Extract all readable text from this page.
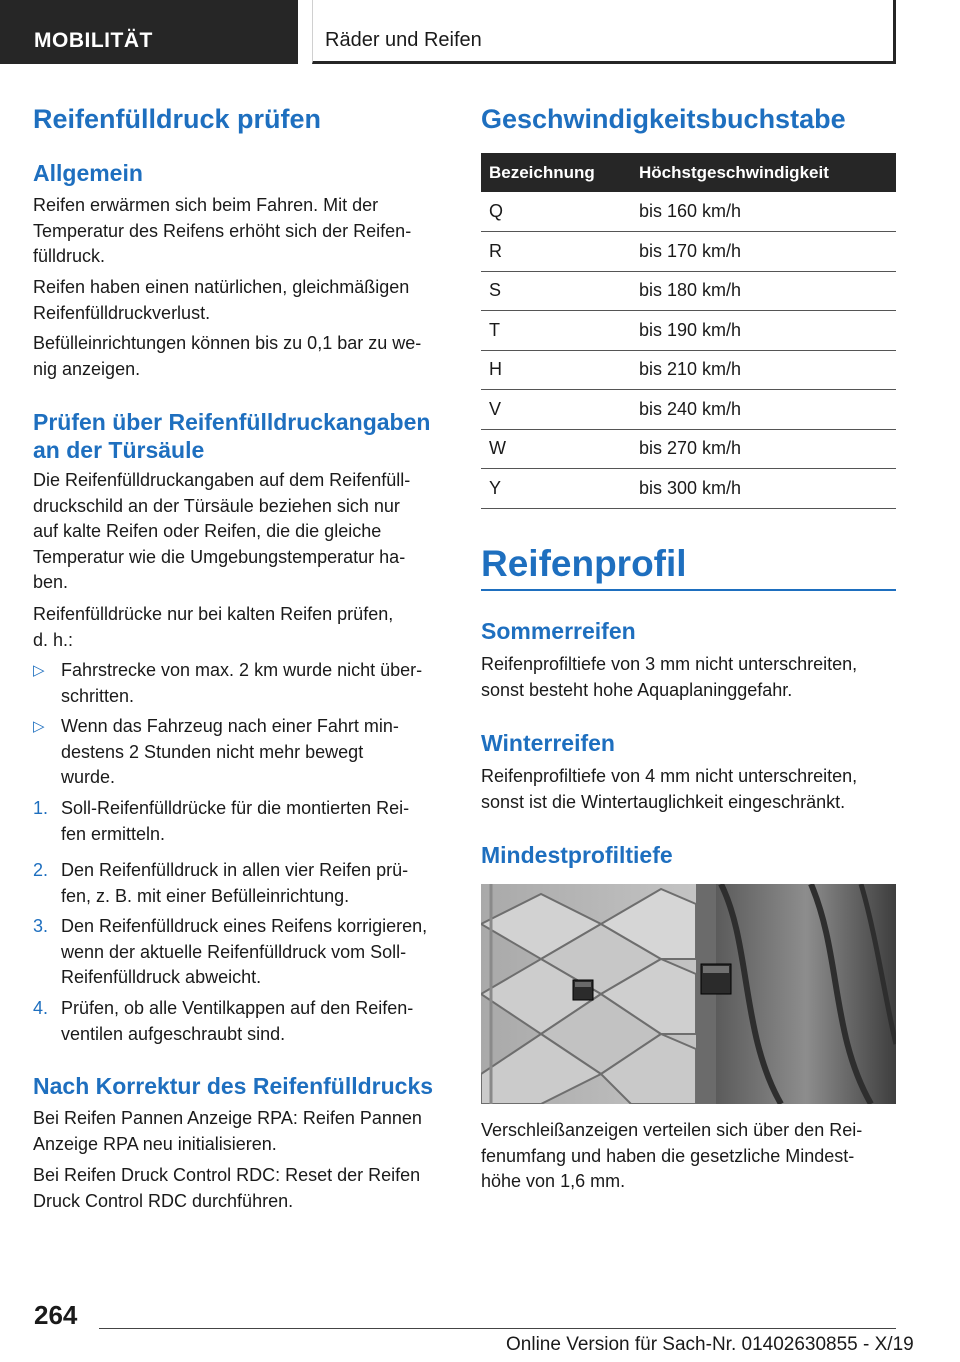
MOBILITÄT	Räder und Reifen
Reifenfülldruck prüfen
Allgemein
Reifen erwärmen sich beim Fahren. Mit der
Temperatur des Reifens erhöht sich der Reifen‐
fülldruck.
Reifen haben einen natürlichen, gleichmäßigen
Reifenfülldruckverlust.
Befülleinrichtungen können bis zu 0,1 bar zu we‐
nig anzeigen.
Prüfen über Reifenfülldruckangaben
an der Türsäule
Die Reifenfülldruckangaben auf dem Reifenfüll‐
druckschild an der Türsäule beziehen sich nur
auf kalte Reifen oder Reifen, die die gleiche
Temperatur wie die Umgebungstemperatur ha‐
ben.
Reifenfülldrücke nur bei kalten Reifen prüfen,
d. h.:
▷ Fahrstrecke von max. 2 km wurde nicht über‐
schritten.
▷ Wenn das Fahrzeug nach einer Fahrt min‐
destens 2 Stunden nicht mehr bewegt
wurde.
1. Soll-Reifenfülldrücke für die montierten Rei‐
fen ermitteln.
2. Den Reifenfülldruck in allen vier Reifen prü‐
fen, z. B. mit einer Befülleinrichtung.
3. Den Reifenfülldruck eines Reifens korrigieren,
wenn der aktuelle Reifenfülldruck vom Soll‐
Reifenfülldruck abweicht.
4. Prüfen, ob alle Ventilkappen auf den Reifen‐
ventilen aufgeschraubt sind.
Nach Korrektur des Reifenfülldrucks
Bei Reifen Pannen Anzeige RPA: Reifen Pannen
Anzeige RPA neu initialisieren.
Bei Reifen Druck Control RDC: Reset der Reifen
Druck Control RDC durchführen.
Geschwindigkeitsbuchstabe
Bezeichnung	Höchstgeschwindigkeit
Q	bis 160 km/h
R	bis 170 km/h
S	bis 180 km/h
T	bis 190 km/h
H	bis 210 km/h
V	bis 240 km/h
W	bis 270 km/h
Y	bis 300 km/h
Reifenprofil
Sommerreifen
Reifenprofiltiefe von 3 mm nicht unterschreiten,
sonst besteht hohe Aquaplaninggefahr.
Winterreifen
Reifenprofiltiefe von 4 mm nicht unterschreiten,
sonst ist die Wintertauglichkeit eingeschränkt.
Mindestprofiltiefe
Verschleißanzeigen verteilen sich über den Rei‐
fenumfang und haben die gesetzliche Mindest‐
höhe von 1,6 mm.
264
Online Version für Sach-Nr. 01402630855 - X/19
